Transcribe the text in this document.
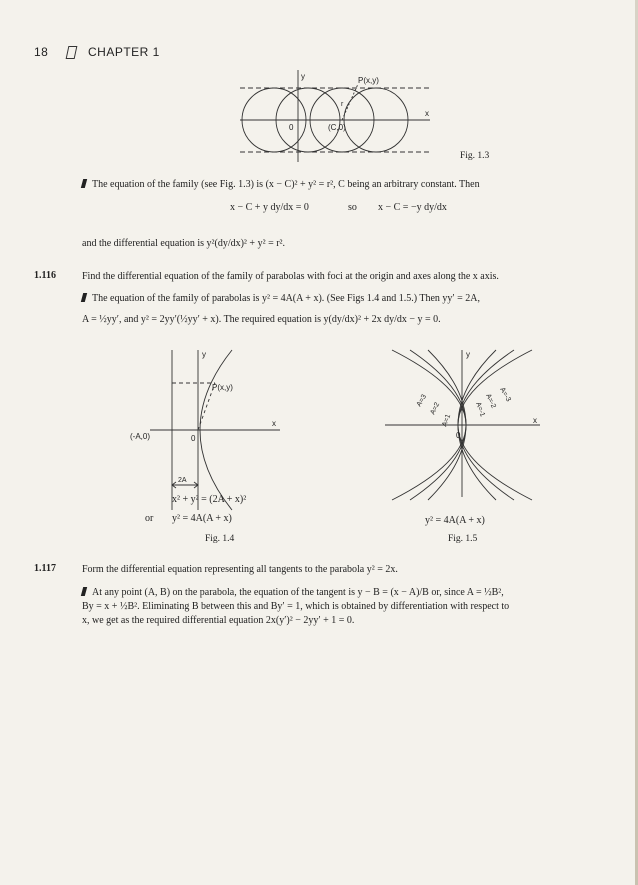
18	CHAPTER 1
y
x
P(x,y)
r
0	(C,0)
Fig. 1.3
The equation of the family (see Fig. 1.3) is (x − C)² + y² = r², C being an arbitrary constant. Then
x − C + y dy/dx = 0	so x − C = −y dy/dx
and the differential equation is y²(dy/dx)² + y² = r².
1.116	Find the differential equation of the family of parabolas with foci at the origin and axes along the x axis.
The equation of the family of parabolas is y² = 4A(A + x). (See Figs 1.4 and 1.5.) Then yy′ = 2A,
A = ½yy′, and y² = 2yy′(½yy′ + x). The required equation is y(dy/dx)² + 2x dy/dx − y = 0.
y
x
P(x,y)
0
(-A,0)
2A
x² + y² = (2A + x)²
or y² = 4A(A + x)
Fig. 1.4
y
x
0
A=3
A=2
A=1
A=-1
A=-2 A=-3
y² = 4A(A + x)
Fig. 1.5
1.117	Form the differential equation representing all tangents to the parabola y² = 2x.
At any point (A, B) on the parabola, the equation of the tangent is y − B = (x − A)/B or, since A = ½B²,
By = x + ½B². Eliminating B between this and By′ = 1, which is obtained by differentiation with respect to
x, we get as the required differential equation 2x(y′)² − 2yy′ + 1 = 0.
